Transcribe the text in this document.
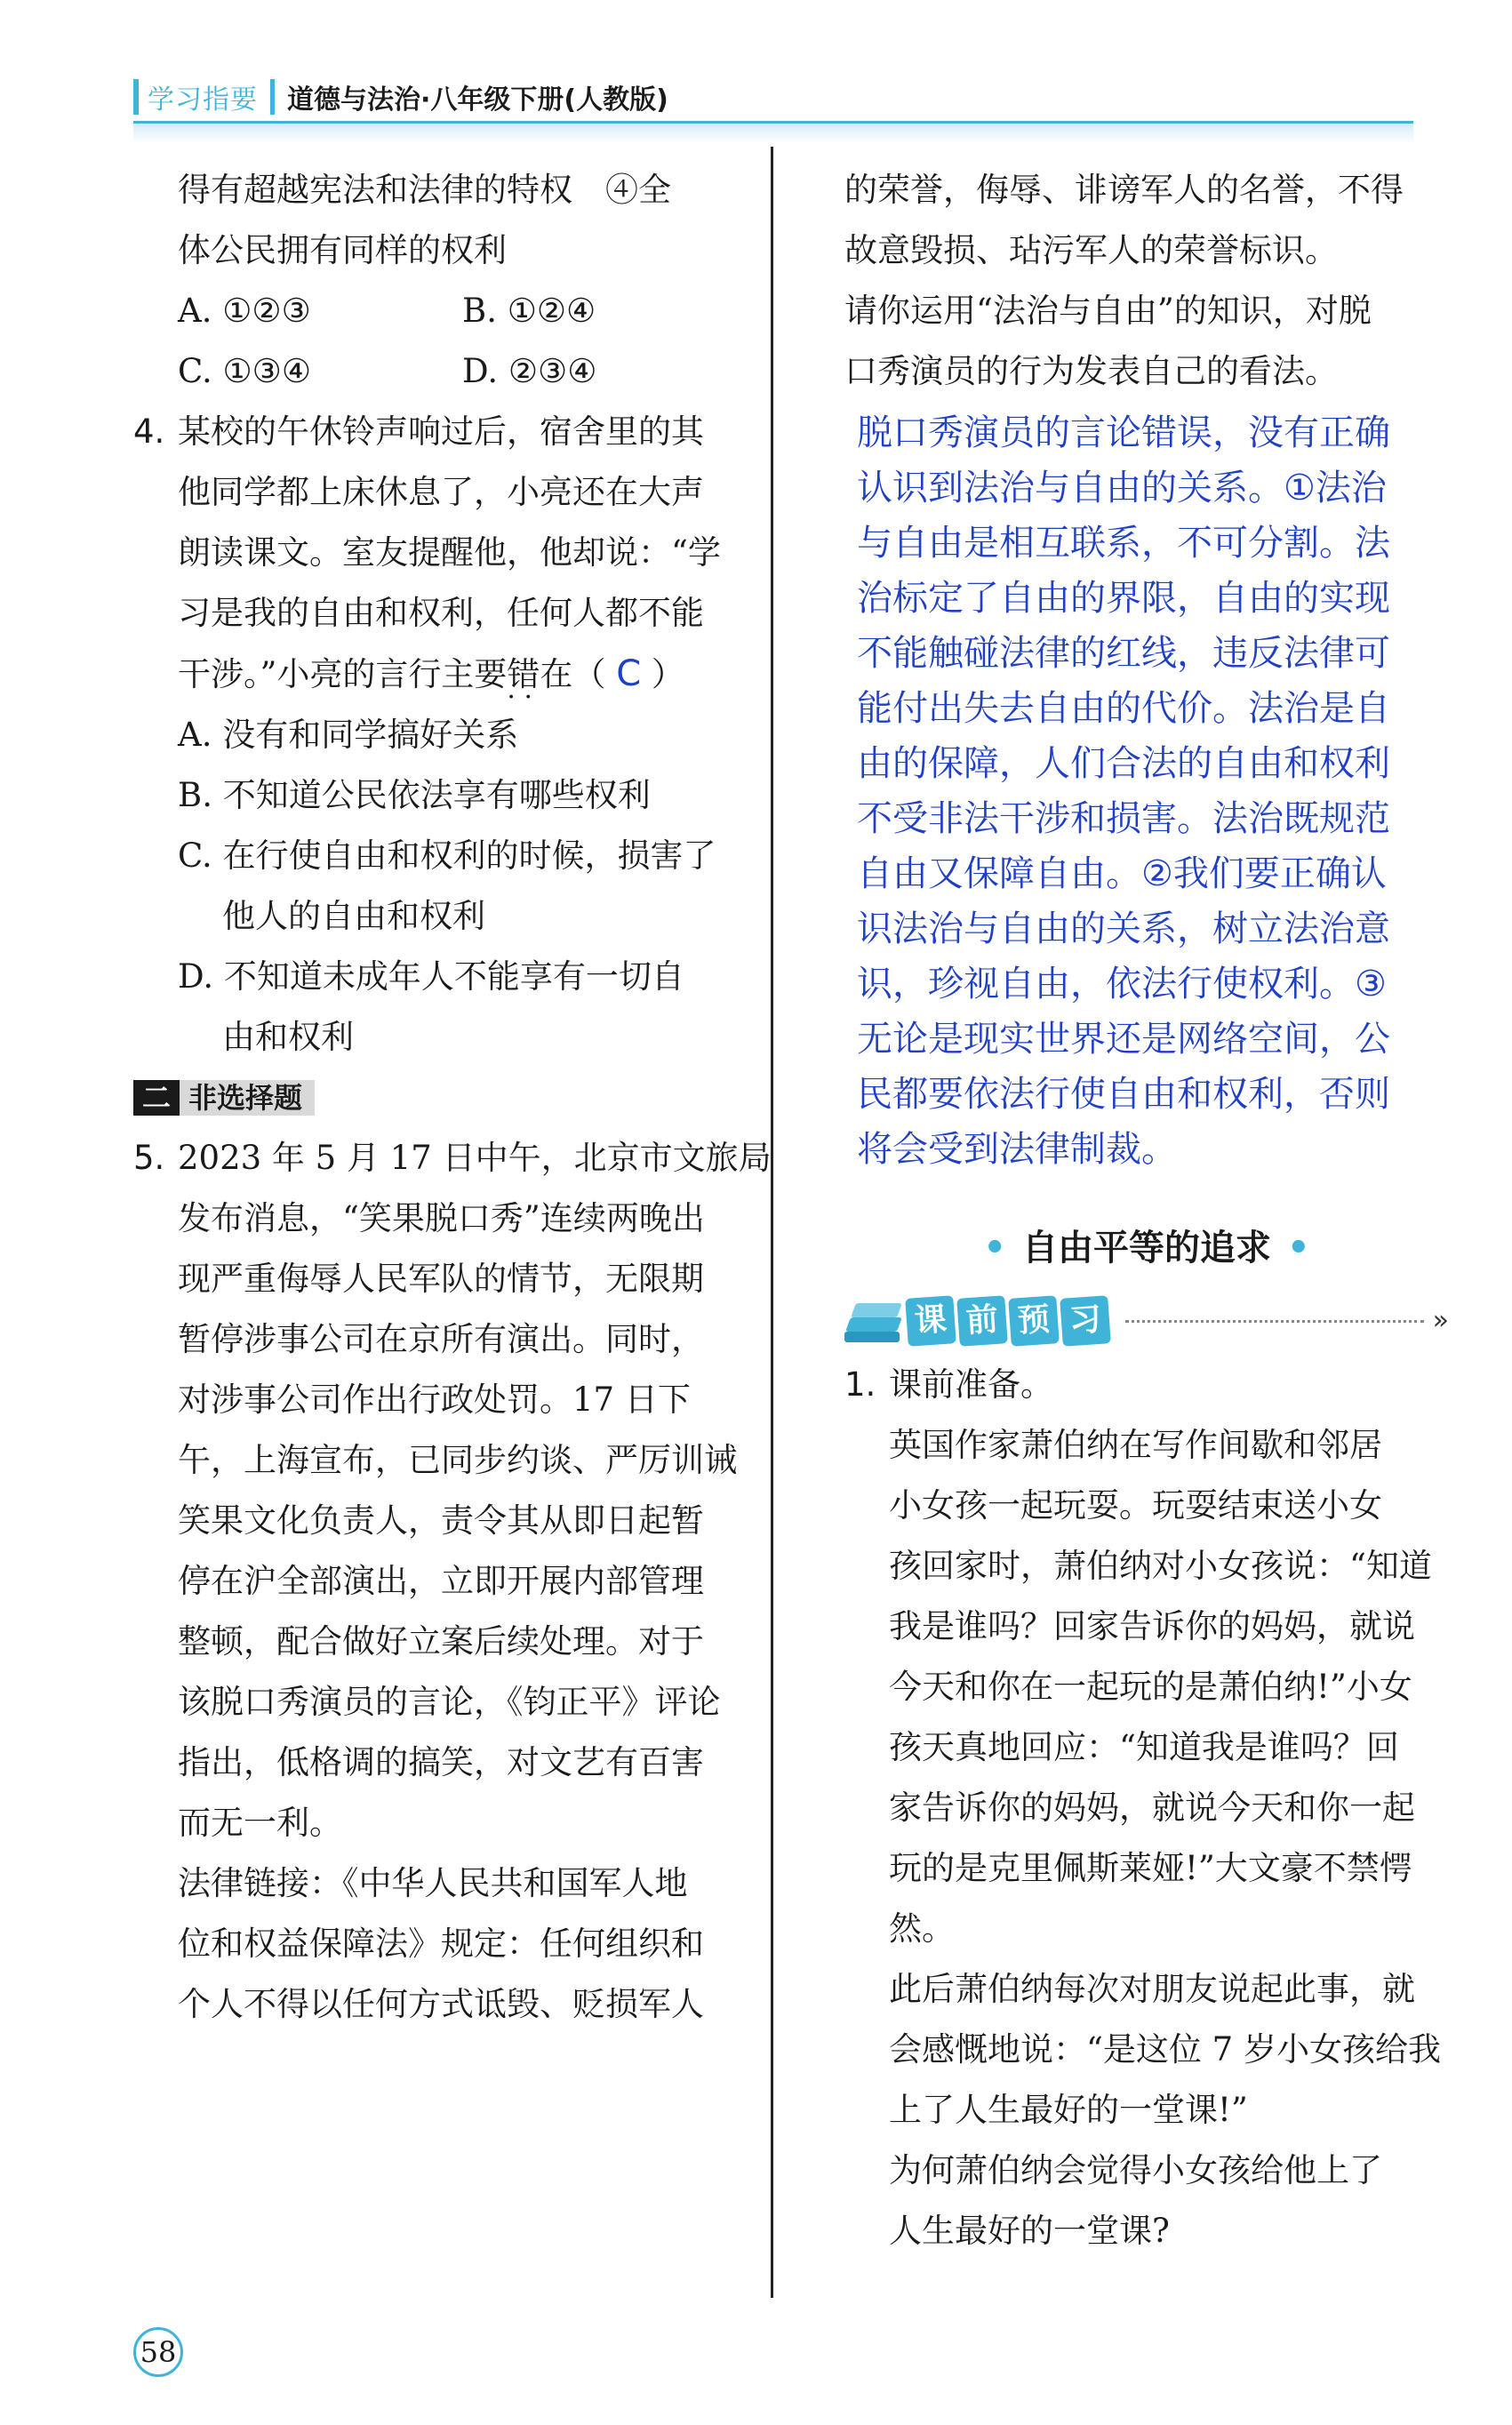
学习指要 道德与法治·八年级下册(人教版)
得有超越宪法和法律的特权　④全
体公民拥有同样的权利
A. ①②③	B. ①②④
C. ①③④	D. ②③④
4. 某校的午休铃声响过后，宿舍里的其
他同学都上床休息了，小亮还在大声
朗读课文。室友提醒他，他却说：“学
习是我的自由和权利，任何人都不能
干涉。”小亮的言行主要错在 · ·（ C ）
A. 没有和同学搞好关系
B. 不知道公民依法享有哪些权利
C. 在行使自由和权利的时候，损害了
他人的自由和权利
D. 不知道未成年人不能享有一切自
由和权利
二 非选择题
5. 2023 年 5 月 17 日中午，北京市文旅局
发布消息，“笑果脱口秀”连续两晚出
现严重侮辱人民军队的情节，无限期
暂停涉事公司在京所有演出。同时，
对涉事公司作出行政处罚。17 日下
午，上海宣布，已同步约谈、严厉训诫
笑果文化负责人，责令其从即日起暂
停在沪全部演出，立即开展内部管理
整顿，配合做好立案后续处理。对于
该脱口秀演员的言论，《钧正平》评论
指出，低格调的搞笑，对文艺有百害
而无一利。
法律链接：《中华人民共和国军人地
位和权益保障法》规定：任何组织和
个人不得以任何方式诋毁、贬损军人
的荣誉，侮辱、诽谤军人的名誉，不得
故意毁损、玷污军人的荣誉标识。
请你运用“法治与自由”的知识，对脱
口秀演员的行为发表自己的看法。
脱口秀演员的言论错误，没有正确
认识到法治与自由的关系。①法治
与自由是相互联系，不可分割。法
治标定了自由的界限，自由的实现
不能触碰法律的红线，违反法律可
能付出失去自由的代价。法治是自
由的保障，人们合法的自由和权利
不受非法干涉和损害。法治既规范
自由又保障自由。②我们要正确认
识法治与自由的关系，树立法治意
识，珍视自由，依法行使权利。③
无论是现实世界还是网络空间，公
民都要依法行使自由和权利，否则
将会受到法律制裁。
• 自由平等的追求 •
课 前 预 习	»
1. 课前准备。
英国作家萧伯纳在写作间歇和邻居
小女孩一起玩耍。玩耍结束送小女
孩回家时，萧伯纳对小女孩说：“知道
我是谁吗？回家告诉你的妈妈，就说
今天和你在一起玩的是萧伯纳!”小女
孩天真地回应：“知道我是谁吗？回
家告诉你的妈妈，就说今天和你一起
玩的是克里佩斯莱娅!”大文豪不禁愕
然。
此后萧伯纳每次对朋友说起此事，就
会感慨地说：“是这位 7 岁小女孩给我
上了人生最好的一堂课!”
为何萧伯纳会觉得小女孩给他上了
人生最好的一堂课?
58
